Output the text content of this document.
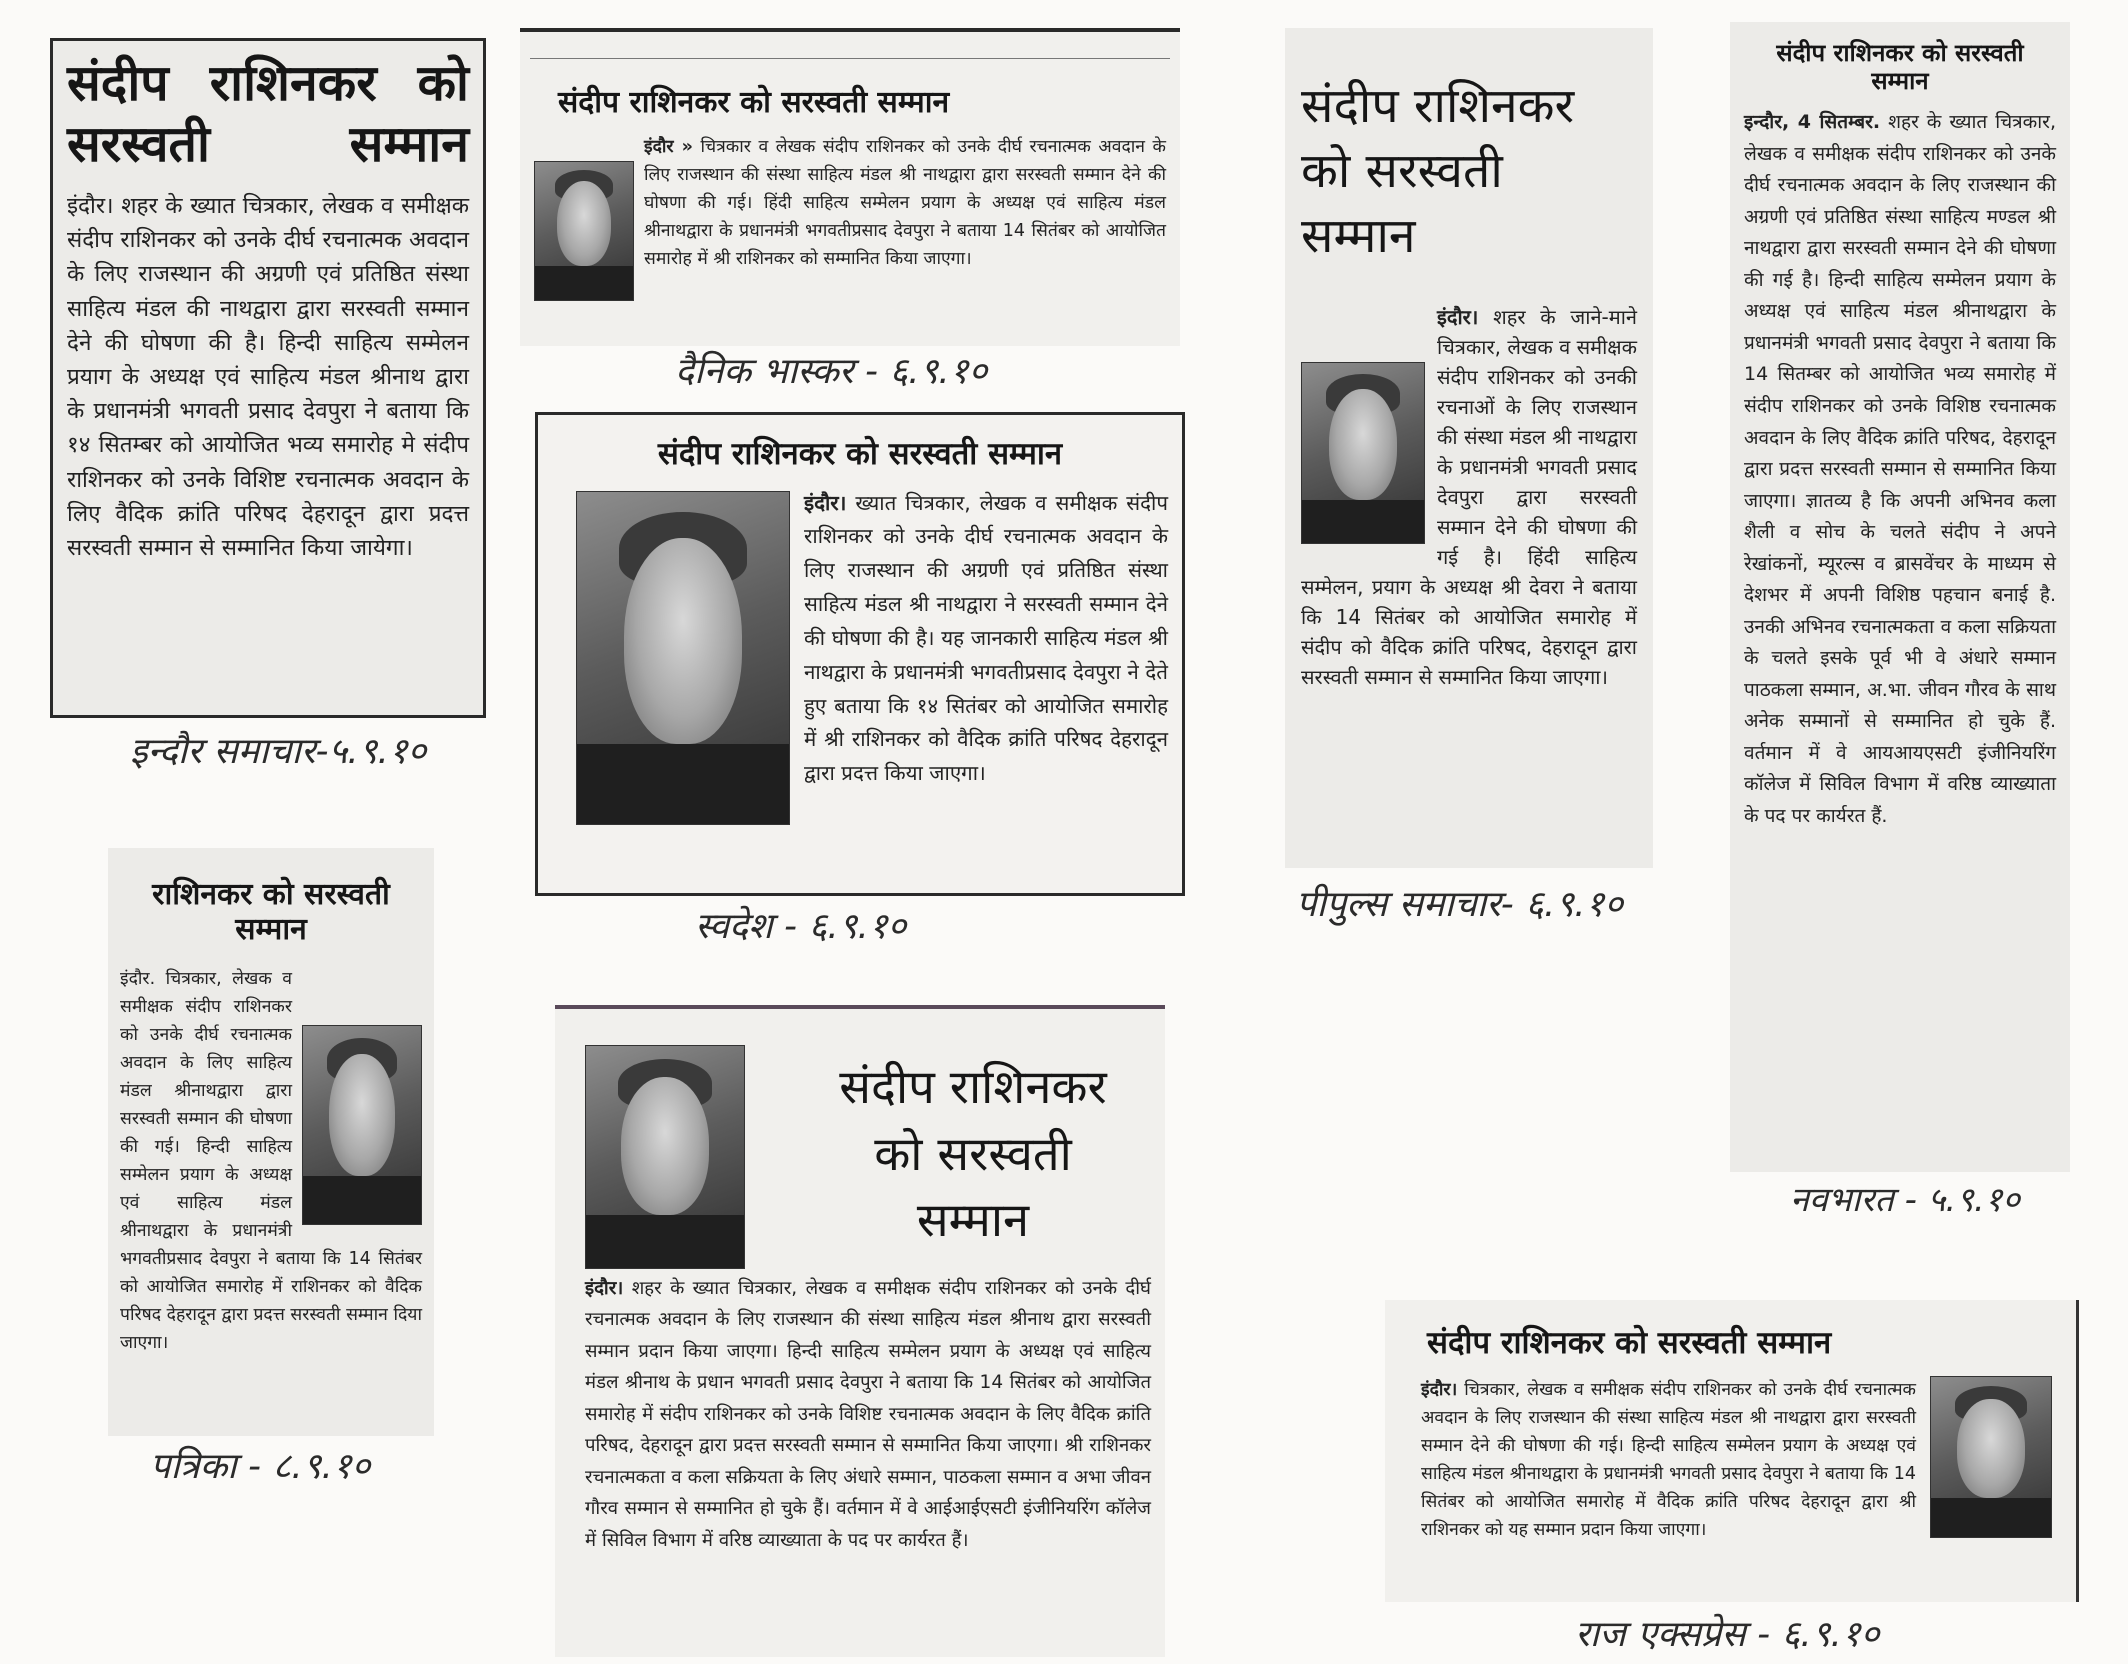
संदीप राशिनकर को सरस्वती सम्मान
इंदौर। शहर के ख्यात चित्रकार, लेखक व समीक्षक संदीप राशिनकर को उनके दीर्घ रचनात्मक अवदान के लिए राजस्थान की अग्रणी एवं प्रतिष्ठित संस्था साहित्य मंडल की नाथद्वारा द्वारा सरस्वती सम्मान देने की घोषणा की है। हिन्दी साहित्य सम्मेलन प्रयाग के अध्यक्ष एवं साहित्य मंडल श्रीनाथ द्वारा के प्रधानमंत्री भगवती प्रसाद देवपुरा ने बताया कि १४ सितम्बर को आयोजित भव्य समारोह मे संदीप राशिनकर को उनके विशिष्ट रचनात्मक अवदान के लिए वैदिक क्रांति परिषद देहरादून द्वारा प्रदत्त सरस्वती सम्मान से सम्मानित किया जायेगा।
इन्दौर समाचार-५.९.१०
संदीप राशिनकर को सरस्वती सम्मान
इंदौर » चित्रकार व लेखक संदीप राशिनकर को उनके दीर्घ रचनात्मक अवदान के लिए राजस्थान की संस्था साहित्य मंडल श्री नाथद्वारा द्वारा सरस्वती सम्मान देने की घोषणा की गई। हिंदी साहित्य सम्मेलन प्रयाग के अध्यक्ष एवं साहित्य मंडल श्रीनाथद्वारा के प्रधानमंत्री भगवतीप्रसाद देवपुरा ने बताया 14 सितंबर को आयोजित समारोह में श्री राशिनकर को सम्मानित किया जाएगा।
दैनिक भास्कर - ६.९.१०
संदीप राशिनकर को सरस्वती सम्मान
इंदौर। ख्यात चित्रकार, लेखक व समीक्षक संदीप राशिनकर को उनके दीर्घ रचनात्मक अवदान के लिए राजस्थान की अग्रणी एवं प्रतिष्ठित संस्था साहित्य मंडल श्री नाथद्वारा ने सरस्वती सम्मान देने की घोषणा की है। यह जानकारी साहित्य मंडल श्री नाथद्वारा के प्रधानमंत्री भगवतीप्रसाद देवपुरा ने देते हुए बताया कि १४ सितंबर को आयोजित समारोह में श्री राशिनकर को वैदिक क्रांति परिषद देहरादून द्वारा प्रदत्त किया जाएगा।
स्वदेश - ६.९.१०
संदीप राशिनकर को सरस्वती सम्मान
इंदौर। शहर के जाने-माने चित्रकार, लेखक व समीक्षक संदीप राशिनकर को उनकी रचनाओं के लिए राजस्थान की संस्था मंडल श्री नाथद्वारा के प्रधानमंत्री भगवती प्रसाद देवपुरा द्वारा सरस्वती सम्मान देने की घोषणा की गई है। हिंदी साहित्य सम्मेलन, प्रयाग के अध्यक्ष श्री देवरा ने बताया कि 14 सितंबर को आयोजित समारोह में संदीप को वैदिक क्रांति परिषद, देहरादून द्वारा सरस्वती सम्मान से सम्मानित किया जाएगा।
पीपुल्स समाचार- ६.९.१०
संदीप राशिनकर को सरस्वती सम्मान
इन्दौर, 4 सितम्बर. शहर के ख्यात चित्रकार, लेखक व समीक्षक संदीप राशिनकर को उनके दीर्घ रचनात्मक अवदान के लिए राजस्थान की अग्रणी एवं प्रतिष्ठित संस्था साहित्य मण्डल श्री नाथद्वारा द्वारा सरस्वती सम्मान देने की घोषणा की गई है। हिन्दी साहित्य सम्मेलन प्रयाग के अध्यक्ष एवं साहित्य मंडल श्रीनाथद्वारा के प्रधानमंत्री भगवती प्रसाद देवपुरा ने बताया कि 14 सितम्बर को आयोजित भव्य समारोह में संदीप राशिनकर को उनके विशिष्ठ रचनात्मक अवदान के लिए वैदिक क्रांति परिषद, देहरादून द्वारा प्रदत्त सरस्वती सम्मान से सम्मानित किया जाएगा। ज्ञातव्य है कि अपनी अभिनव कला शैली व सोच के चलते संदीप ने अपने रेखांकनों, म्यूरल्स व ब्रासवेंचर के माध्यम से देशभर में अपनी विशिष्ठ पहचान बनाई है. उनकी अभिनव रचनात्मकता व कला सक्रियता के चलते इसके पूर्व भी वे अंधारे सम्मान पाठकला सम्मान, अ.भा. जीवन गौरव के साथ अनेक सम्मानों से सम्मानित हो चुके हैं. वर्तमान में वे आयआयएसटी इंजीनियरिंग कॉलेज में सिविल विभाग में वरिष्ठ व्याख्याता के पद पर कार्यरत हैं.
नवभारत - ५.९.१०
राशिनकर को सरस्वती सम्मान
इंदौर. चित्रकार, लेखक व समीक्षक संदीप राशिनकर को उनके दीर्घ रचनात्मक अवदान के लिए साहित्य मंडल श्रीनाथद्वारा द्वारा सरस्वती सम्मान की घोषणा की गई। हिन्दी साहित्य सम्मेलन प्रयाग के अध्यक्ष एवं साहित्य मंडल श्रीनाथद्वारा के प्रधानमंत्री भगवतीप्रसाद देवपुरा ने बताया कि 14 सितंबर को आयोजित समारोह में राशिनकर को वैदिक परिषद देहरादून द्वारा प्रदत्त सरस्वती सम्मान दिया जाएगा।
पत्रिका - ८.९.१०
संदीप राशिनकर को सरस्वती सम्मान
इंदौर। शहर के ख्यात चित्रकार, लेखक व समीक्षक संदीप राशिनकर को उनके दीर्घ रचनात्मक अवदान के लिए राजस्थान की संस्था साहित्य मंडल श्रीनाथ द्वारा सरस्वती सम्मान प्रदान किया जाएगा। हिन्दी साहित्य सम्मेलन प्रयाग के अध्यक्ष एवं साहित्य मंडल श्रीनाथ के प्रधान भगवती प्रसाद देवपुरा ने बताया कि 14 सितंबर को आयोजित समारोह में संदीप राशिनकर को उनके विशिष्ट रचनात्मक अवदान के लिए वैदिक क्रांति परिषद, देहरादून द्वारा प्रदत्त सरस्वती सम्मान से सम्मानित किया जाएगा। श्री राशिनकर रचनात्मकता व कला सक्रियता के लिए अंधारे सम्मान, पाठकला सम्मान व अभा जीवन गौरव सम्मान से सम्मानित हो चुके हैं। वर्तमान में वे आईआईएसटी इंजीनियरिंग कॉलेज में सिविल विभाग में वरिष्ठ व्याख्याता के पद पर कार्यरत हैं।
संदीप राशिनकर को सरस्वती सम्मान
इंदौर। चित्रकार, लेखक व समीक्षक संदीप राशिनकर को उनके दीर्घ रचनात्मक अवदान के लिए राजस्थान की संस्था साहित्य मंडल श्री नाथद्वारा द्वारा सरस्वती सम्मान देने की घोषणा की गई। हिन्दी साहित्य सम्मेलन प्रयाग के अध्यक्ष एवं साहित्य मंडल श्रीनाथद्वारा के प्रधानमंत्री भगवती प्रसाद देवपुरा ने बताया कि 14 सितंबर को आयोजित समारोह में वैदिक क्रांति परिषद देहरादून द्वारा श्री राशिनकर को यह सम्मान प्रदान किया जाएगा।
राज एक्सप्रेस - ६.९.१०
